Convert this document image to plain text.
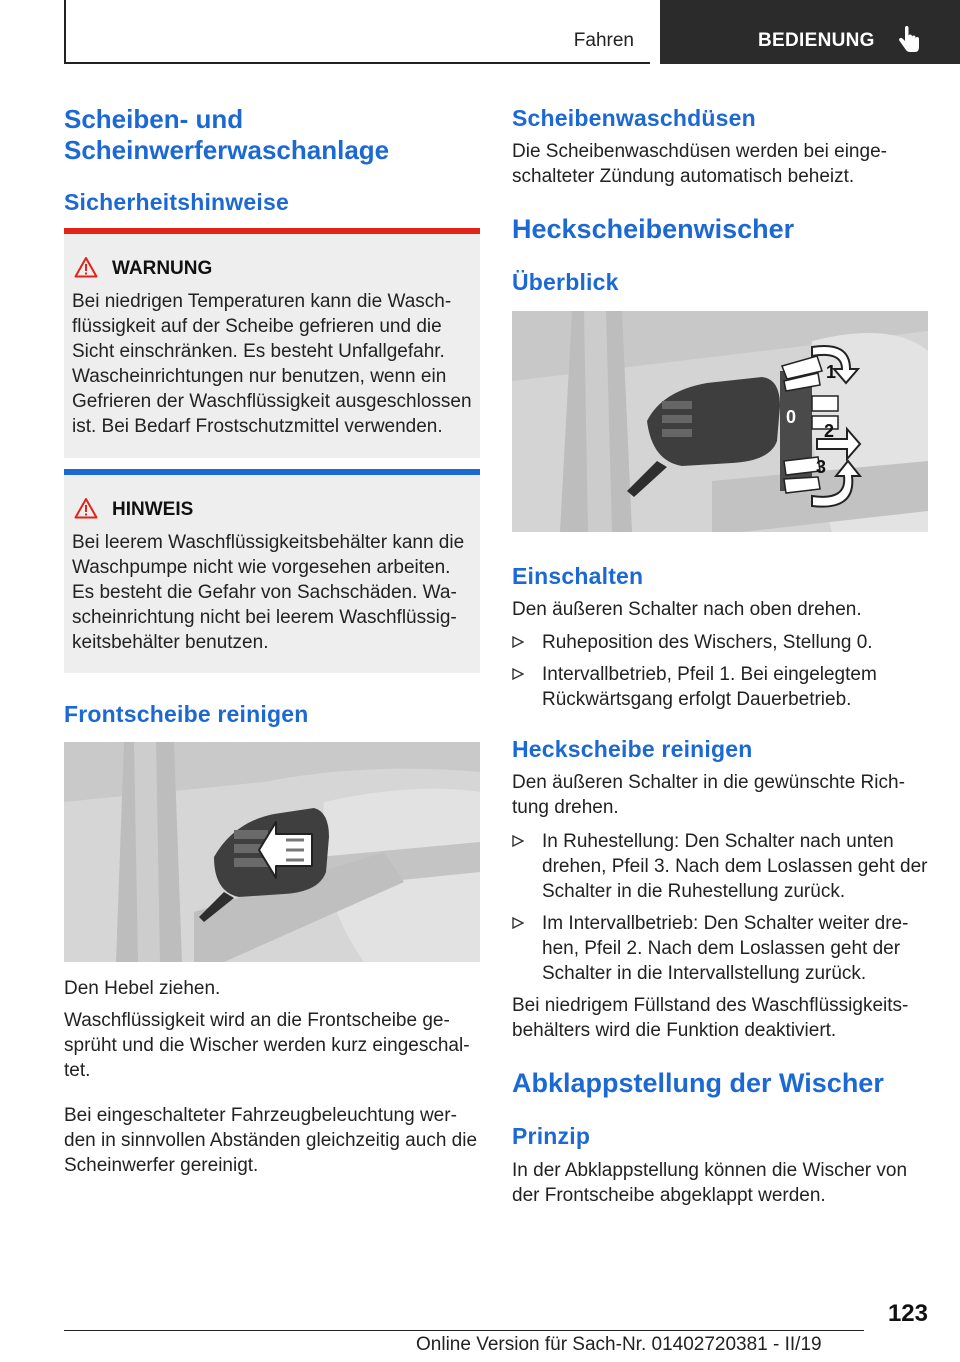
Fahren	BEDIENUNG
Scheiben- und
Scheinwerferwaschanlage
Sicherheitshinweise
WARNUNG
Bei niedrigen Temperaturen kann die Waschflüssigkeit auf der Scheibe gefrieren und die Sicht einschränken. Es besteht Unfallgefahr. Wascheinrichtungen nur benutzen, wenn ein Gefrieren der Waschflüssigkeit ausgeschlossen ist. Bei Bedarf Frostschutzmittel verwenden.
HINWEIS
Bei leerem Waschflüssigkeitsbehälter kann die Waschpumpe nicht wie vorgesehen arbeiten. Es besteht die Gefahr von Sachschäden. Wascheinrichtung nicht bei leerem Waschflüssigkeitsbehälter benutzen.
Frontscheibe reinigen
Den Hebel ziehen.
Waschflüssigkeit wird an die Frontscheibe gesprüht und die Wischer werden kurz eingeschaltet.
Bei eingeschalteter Fahrzeugbeleuchtung werden in sinnvollen Abständen gleichzeitig auch die Scheinwerfer gereinigt.
Scheibenwaschdüsen
Die Scheibenwaschdüsen werden bei eingeschalteter Zündung automatisch beheizt.
Heckscheibenwischer
Überblick
1
0
2
3
Einschalten
Den äußeren Schalter nach oben drehen.
Ruheposition des Wischers, Stellung 0.
Intervallbetrieb, Pfeil 1. Bei eingelegtem Rückwärtsgang erfolgt Dauerbetrieb.
Heckscheibe reinigen
Den äußeren Schalter in die gewünschte Richtung drehen.
In Ruhestellung: Den Schalter nach unten drehen, Pfeil 3. Nach dem Loslassen geht der Schalter in die Ruhestellung zurück.
Im Intervallbetrieb: Den Schalter weiter drehen, Pfeil 2. Nach dem Loslassen geht der Schalter in die Intervallstellung zurück.
Bei niedrigem Füllstand des Waschflüssigkeitsbehälters wird die Funktion deaktiviert.
Abklappstellung der Wischer
Prinzip
In der Abklappstellung können die Wischer von der Frontscheibe abgeklappt werden.
123
Online Version für Sach-Nr. 01402720381 - II/19
